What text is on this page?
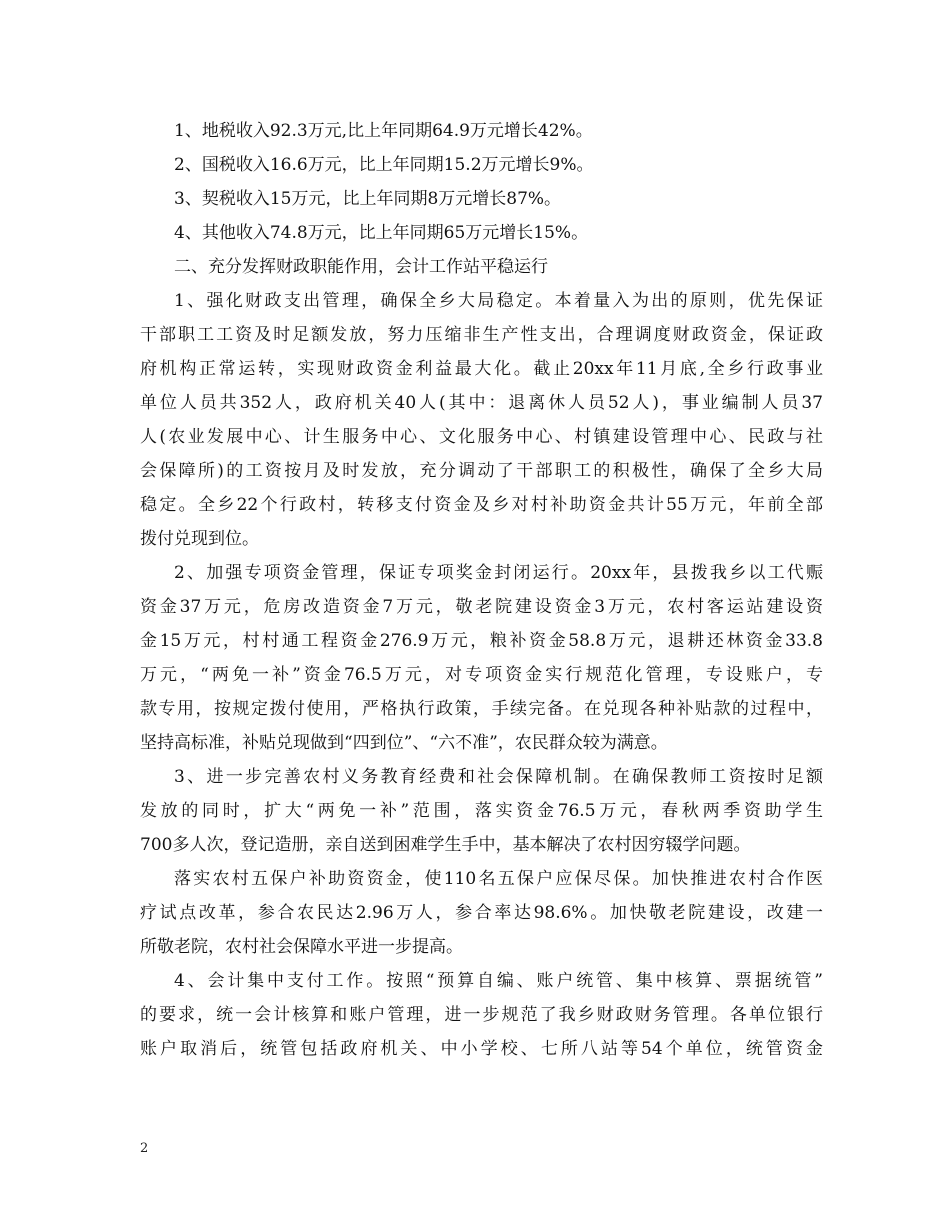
1、地税收入92.3万元,比上年同期64.9万元增长42%。
2、国税收入16.6万元，比上年同期15.2万元增长9%。
3、契税收入15万元，比上年同期8万元增长87%。
4、其他收入74.8万元，比上年同期65万元增长15%。
二、充分发挥财政职能作用，会计工作站平稳运行
1、强化财政支出管理，确保全乡大局稳定。本着量入为出的原则，优先保证
干部职工工资及时足额发放，努力压缩非生产性支出，合理调度财政资金，保证政
府机构正常运转，实现财政资金利益最大化。截止20xx年11月底,全乡行政事业
单位人员共352人，政府机关40人(其中：退离休人员52人)，事业编制人员37
人(农业发展中心、计生服务中心、文化服务中心、村镇建设管理中心、民政与社
会保障所)的工资按月及时发放，充分调动了干部职工的积极性，确保了全乡大局
稳定。全乡22个行政村，转移支付资金及乡对村补助资金共计55万元，年前全部
拨付兑现到位。
2、加强专项资金管理，保证专项奖金封闭运行。20xx年，县拨我乡以工代赈
资金37万元，危房改造资金7万元，敬老院建设资金3万元，农村客运站建设资
金15万元，村村通工程资金276.9万元，粮补资金58.8万元，退耕还林资金33.8
万元，“两免一补”资金76.5万元，对专项资金实行规范化管理，专设账户，专
款专用，按规定拨付使用，严格执行政策，手续完备。在兑现各种补贴款的过程中，
坚持高标准，补贴兑现做到“四到位”、“六不准”，农民群众较为满意。
3、进一步完善农村义务教育经费和社会保障机制。在确保教师工资按时足额
发放的同时，扩大“两免一补”范围，落实资金76.5万元，春秋两季资助学生
700多人次，登记造册，亲自送到困难学生手中，基本解决了农村因穷辍学问题。
落实农村五保户补助资资金，使110名五保户应保尽保。加快推进农村合作医
疗试点改革，参合农民达2.96万人，参合率达98.6%。加快敬老院建设，改建一
所敬老院，农村社会保障水平进一步提高。
4、会计集中支付工作。按照“预算自编、账户统管、集中核算、票据统管”
的要求，统一会计核算和账户管理，进一步规范了我乡财政财务管理。各单位银行
账户取消后，统管包括政府机关、中小学校、七所八站等54个单位，统管资金
2
